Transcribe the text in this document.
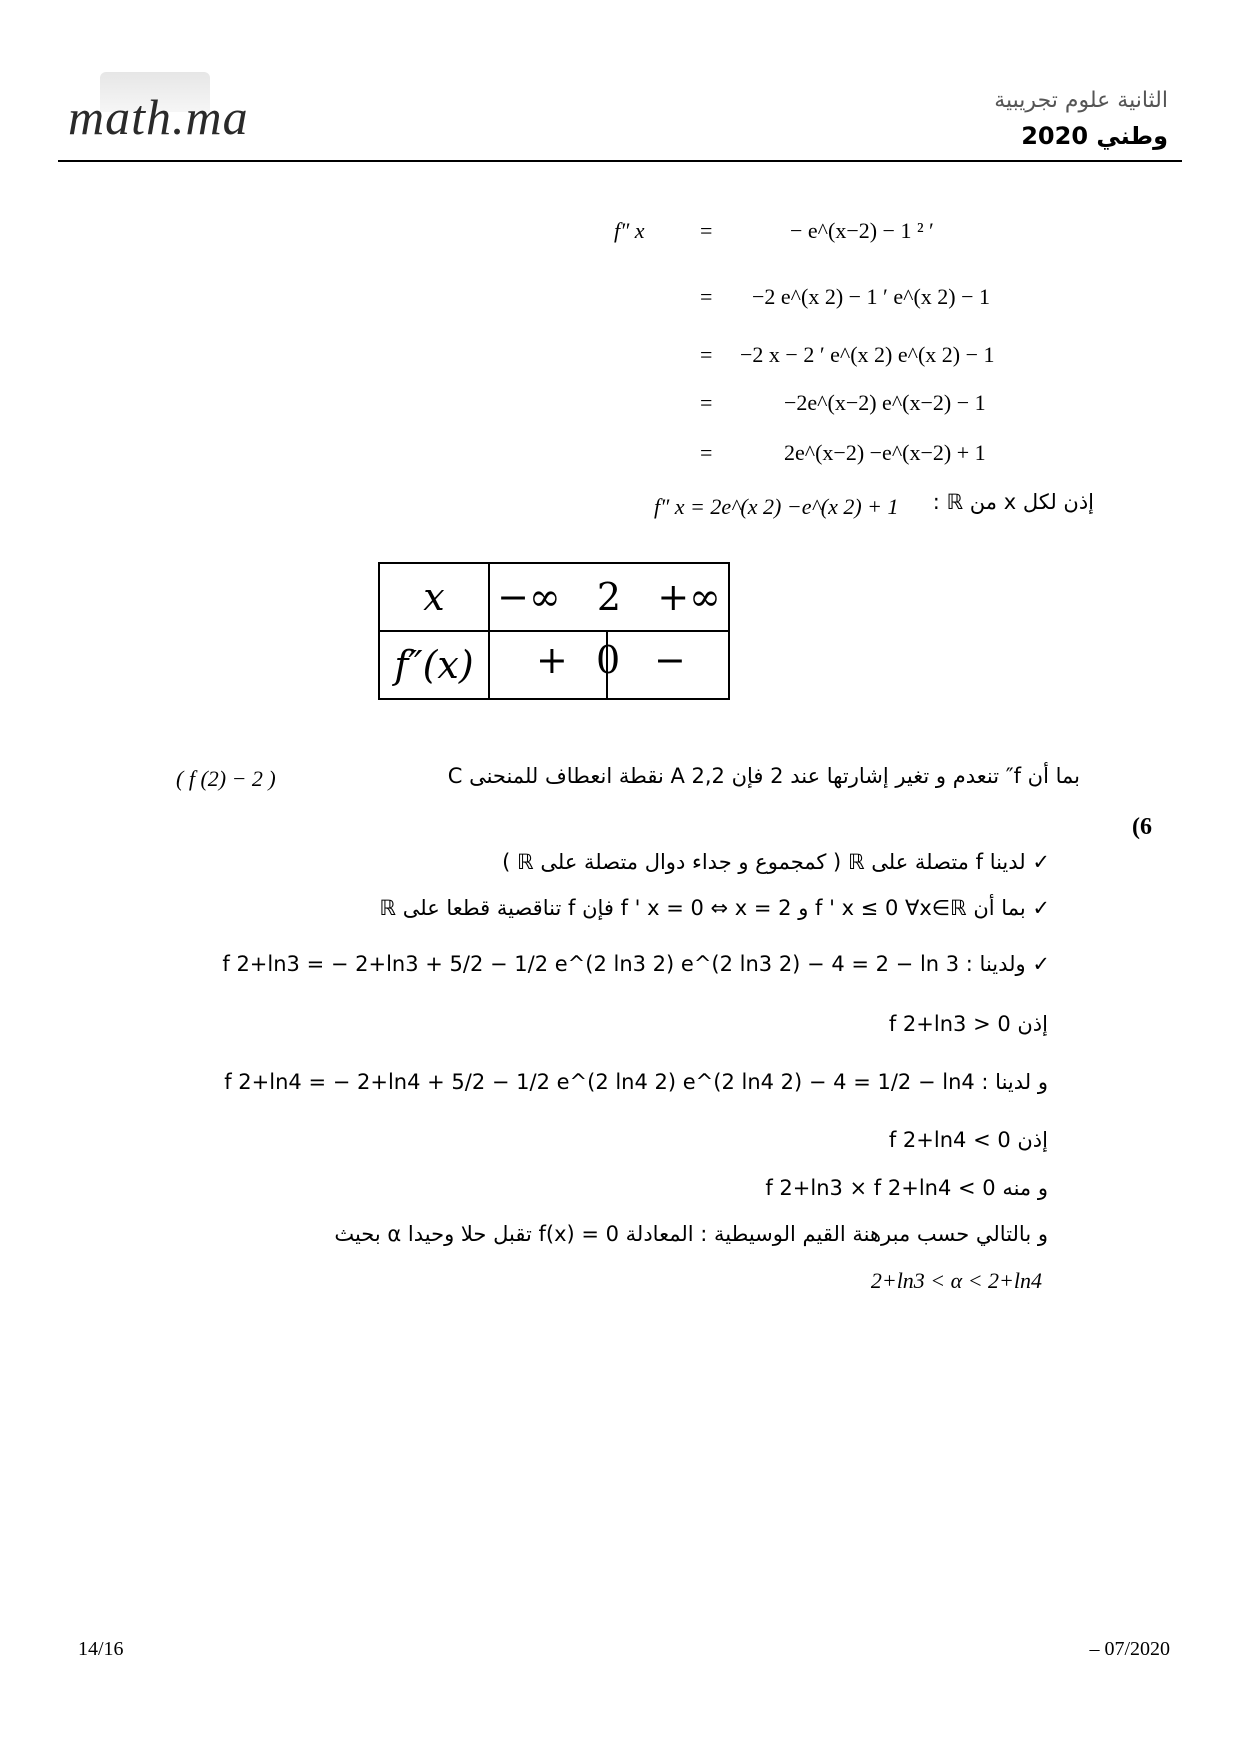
math.ma	الثانية علوم تجريبية
وطني 2020
f″ x	=	− e^(x−2) − 1 ² ′
= −2 e^(x 2) − 1 ′ e^(x 2) − 1
= −2 x − 2 ′ e^(x 2) e^(x 2) − 1
=	−2e^(x−2) e^(x−2) − 1
=	2e^(x−2) −e^(x−2) + 1
إذن لكل x من ℝ :
f″ x = 2e^(x 2) −e^(x 2) + 1
x	−∞ 2 +∞
f″(x)	+ 0 −
بما أن f″ تنعدم و تغير إشارتها عند 2 فإن A 2,2 نقطة انعطاف للمنحنى C
( f (2) − 2 )
(6
✓ لدينا f متصلة على ℝ ( كمجموع و جداء دوال متصلة على ℝ )
✓ بما أن f ' x ≤ 0 ∀x∈ℝ و f ' x = 0 ⇔ x = 2 فإن f تناقصية قطعا على ℝ
✓ ولدينا : f 2+ln3 = − 2+ln3 + 5/2 − 1/2 e^(2 ln3 2) e^(2 ln3 2) − 4 = 2 − ln 3
إذن f 2+ln3 > 0
و لدينا : f 2+ln4 = − 2+ln4 + 5/2 − 1/2 e^(2 ln4 2) e^(2 ln4 2) − 4 = 1/2 − ln4
إذن f 2+ln4 < 0
و منه f 2+ln3 × f 2+ln4 < 0
و بالتالي حسب مبرهنة القيم الوسيطية : المعادلة f(x) = 0 تقبل حلا وحيدا α بحيث
2+ln3 < α < 2+ln4
14/16	– 07/2020
